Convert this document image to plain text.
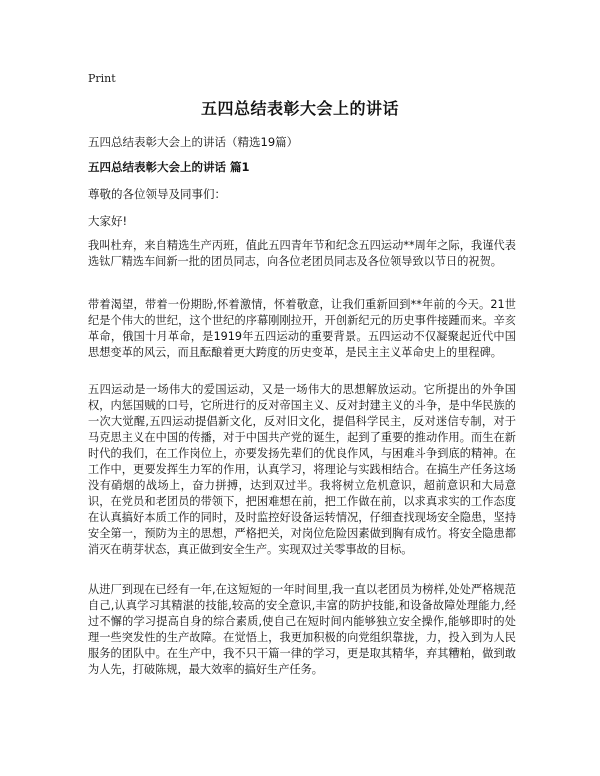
Print
五四总结表彰大会上的讲话

五四总结表彰大会上的讲话（精选19篇）

五四总结表彰大会上的讲话 篇1

尊敬的各位领导及同事们：

大家好!

我叫杜弃，来自精选生产丙班，值此五四青年节和纪念五四运动**周年之际，我谨代表选钛厂精选车间新一批的团员同志，向各位老团员同志及各位领导致以节日的祝贺。

带着渴望，带着一份期盼,怀着激情，怀着敬意，让我们重新回到**年前的今天。21世纪是个伟大的世纪，这个世纪的序幕刚刚拉开，开创新纪元的历史事件接踵而来。辛亥革命，俄国十月革命，是1919年五四运动的重要背景。五四运动不仅凝聚起近代中国思想变革的风云，而且酝酿着更大跨度的历史变革，是民主主义革命史上的里程碑。

五四运动是一场伟大的爱国运动，又是一场伟大的思想解放运动。它所提出的外争国权，内惩国贼的口号，它所进行的反对帝国主义、反对封建主义的斗争，是中华民族的一次大觉醒,五四运动提倡新文化，反对旧文化，提倡科学民主，反对迷信专制，对于马克思主义在中国的传播，对于中国共产党的诞生，起到了重要的推动作用。而生在新时代的我们，在工作岗位上，亦要发扬先辈们的优良作风，与困难斗争到底的精神。在工作中，更要发挥生力军的作用，认真学习，将理论与实践相结合。在搞生产任务这场没有硝烟的战场上，奋力拼搏，达到双过半。我将树立危机意识，超前意识和大局意识，在党员和老团员的带领下，把困难想在前，把工作做在前，以求真求实的工作态度在认真搞好本质工作的同时，及时监控好设备运转情况，仔细查找现场安全隐患，坚持安全第一，预防为主的思想，严格把关，对岗位危险因素做到胸有成竹。将安全隐患都消灭在萌芽状态，真正做到安全生产。实现双过关零事故的目标。

从进厂到现在已经有一年,在这短短的一年时间里,我一直以老团员为榜样,处处严格规范自己,认真学习其精湛的技能,较高的安全意识,丰富的防护技能,和设备故障处理能力,经过不懈的学习提高自身的综合素质,使自己在短时间内能够独立安全操作,能够即时的处理一些突发性的生产故障。在觉悟上，我更加积极的向党组织靠拢，力，投入到为人民服务的团队中。在生产中，我不只干篇一律的学习，更是取其精华，弃其糟粕，做到敢为人先，打破陈规，最大效率的搞好生产任务。
